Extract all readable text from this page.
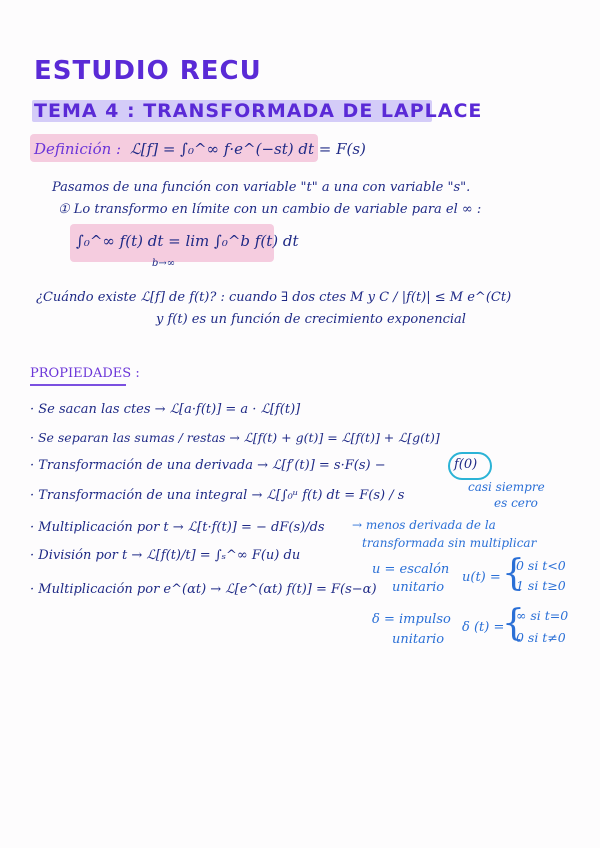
ESTUDIO RECU
TEMA 4 : TRANSFORMADA DE LAPLACE
Definición : ℒ[f] = ∫₀^∞ f·e^(−st) dt = F(s)
Pasamos de una función con variable "t" a una con variable "s".
① Lo transformo en límite con un cambio de variable para el ∞ :
∫₀^∞ f(t) dt = lim ∫₀^b f(t) dt
b→∞
¿Cuándo existe ℒ[f] de f(t)? : cuando ∃ dos ctes M y C / |f(t)| ≤ M e^(Ct)
y f(t) es un función de crecimiento exponencial
PROPIEDADES :
· Se sacan las ctes → ℒ[a·f(t)] = a · ℒ[f(t)]
· Se separan las sumas / restas → ℒ[f(t) + g(t)] = ℒ[f(t)] + ℒ[g(t)]
· Transformación de una derivada → ℒ[f′(t)] = s·F(s) −	f(0)
casi siempre
es cero
· Transformación de una integral → ℒ[∫₀ᵘ f(t) dt = F(s) / s
· Multiplicación por t → ℒ[t·f(t)] = − dF(s)/ds → menos derivada de la
transformada sin multiplicar
· División por t → ℒ[f(t)/t] = ∫ₛ^∞ F(u) du
· Multiplicación por e^(αt) → ℒ[e^(αt) f(t)] = F(s−α)
u = escalón
unitario
u(t) = {
0 si t<0
1 si t≥0
δ = impulso
unitario
δ (t) =
{
∞ si t=0
0 si t≠0
